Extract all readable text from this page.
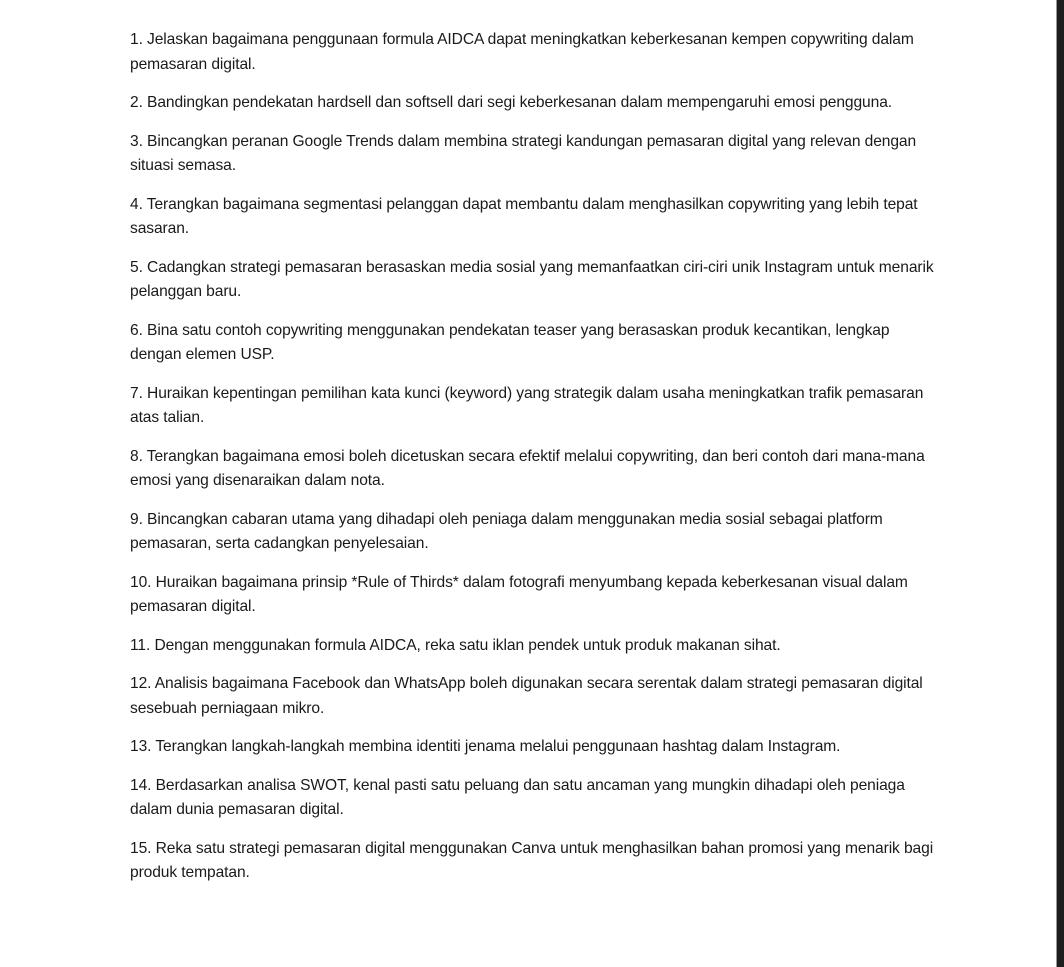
1. Jelaskan bagaimana penggunaan formula AIDCA dapat meningkatkan keberkesanan kempen copywriting dalam pemasaran digital.

2. Bandingkan pendekatan hardsell dan softsell dari segi keberkesanan dalam mempengaruhi emosi pengguna.

3. Bincangkan peranan Google Trends dalam membina strategi kandungan pemasaran digital yang relevan dengan situasi semasa.

4. Terangkan bagaimana segmentasi pelanggan dapat membantu dalam menghasilkan copywriting yang lebih tepat sasaran.

5. Cadangkan strategi pemasaran berasaskan media sosial yang memanfaatkan ciri-ciri unik Instagram untuk menarik pelanggan baru.

6. Bina satu contoh copywriting menggunakan pendekatan teaser yang berasaskan produk kecantikan, lengkap dengan elemen USP.

7. Huraikan kepentingan pemilihan kata kunci (keyword) yang strategik dalam usaha meningkatkan trafik pemasaran atas talian.

8. Terangkan bagaimana emosi boleh dicetuskan secara efektif melalui copywriting, dan beri contoh dari mana-mana emosi yang disenaraikan dalam nota.

9. Bincangkan cabaran utama yang dihadapi oleh peniaga dalam menggunakan media sosial sebagai platform pemasaran, serta cadangkan penyelesaian.

10. Huraikan bagaimana prinsip *Rule of Thirds* dalam fotografi menyumbang kepada keberkesanan visual dalam pemasaran digital.

11. Dengan menggunakan formula AIDCA, reka satu iklan pendek untuk produk makanan sihat.

12. Analisis bagaimana Facebook dan WhatsApp boleh digunakan secara serentak dalam strategi pemasaran digital sesebuah perniagaan mikro.

13. Terangkan langkah-langkah membina identiti jenama melalui penggunaan hashtag dalam Instagram.

14. Berdasarkan analisa SWOT, kenal pasti satu peluang dan satu ancaman yang mungkin dihadapi oleh peniaga dalam dunia pemasaran digital.

15. Reka satu strategi pemasaran digital menggunakan Canva untuk menghasilkan bahan promosi yang menarik bagi produk tempatan.
